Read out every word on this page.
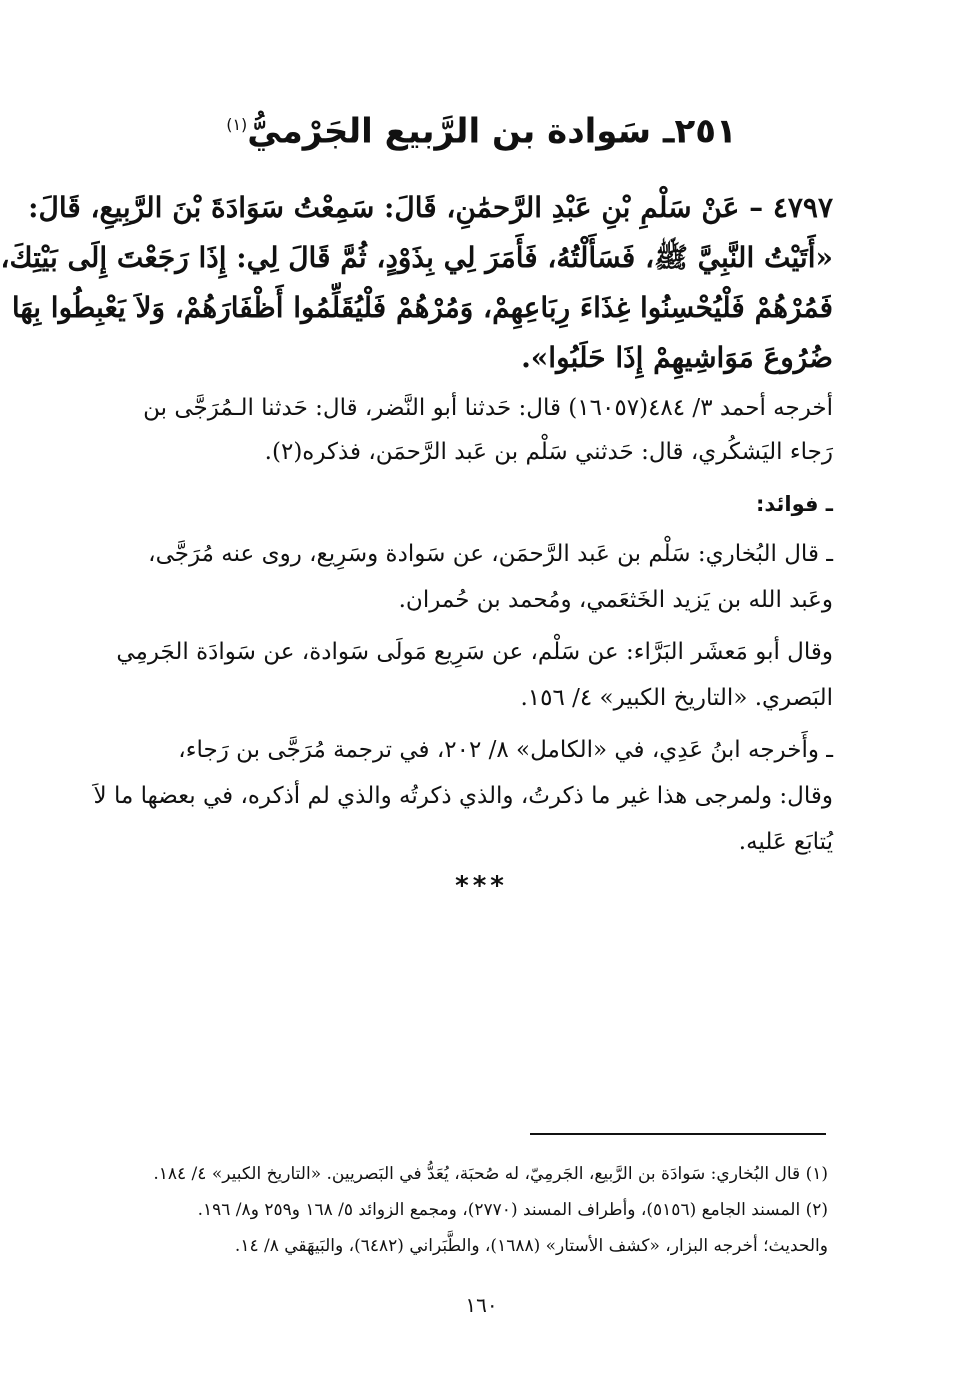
٢٥١ـ سَوادة بن الرَّبيع الجَرْميُّ$^{(١)}$
٤٧٩٧ – عَنْ سَلْمِ بْنِ عَبْدِ الرَّحمَٰنِ، قَالَ: سَمِعْتُ سَوَادَةَ بْنَ الرَّبِيعِ، قَالَ:
«أَتَيْتُ النَّبِيَّ ﷺ، فَسَأَلْتُهُ، فَأَمَرَ لِي بِذَوْدٍ، ثُمَّ قَالَ لِي: إِذَا رَجَعْتَ إِلَى بَيْتِكَ،
فَمُرْهُمْ فَلْيُحْسِنُوا غِذَاءَ رِبَاعِهِمْ، وَمُرْهُمْ فَلْيُقَلِّمُوا أَظْفَارَهُمْ، وَلاَ يَعْبِطُوا بِهَا
ضُرُوعَ مَوَاشِيهِمْ إِذَا حَلَبُوا».
أخرجه أحمد ٣/ ٤٨٤(١٦٠٥٧) قال: حَدثنا أبو النَّضر، قال: حَدثنا الـمُرَجَّى بن
رَجاء اليَشكُري، قال: حَدثني سَلْم بن عَبد الرَّحمَن، فذكره(٢).
ـ فوائد:
ـ قال البُخاري: سَلْم بن عَبد الرَّحمَن، عن سَوادة وسَرِيع، روى عنه مُرَجَّى،
وعَبد الله بن يَزيد الخَثعَمي، ومُحمد بن حُمران.
وقال أبو مَعشَر البَرَّاء: عن سَلْم، عن سَرِيع مَولَى سَوادة، عن سَوادَة الجَرمِي
البَصري. «التاريخ الكبير» ٤/ ١٥٦.
ـ وأَخرجه ابنُ عَدِي، في «الكامل» ٨/ ٢٠٢، في ترجمة مُرَجَّى بن رَجاء،
وقال: ولمرجى هذا غير ما ذكرتُ، والذي ذكرتُه والذي لم أذكره، في بعضها ما لاَ
يُتابَع عَليه.
***
(١) قال البُخاري: سَوادَة بن الرَّبيع، الجَرمِيّ، له صُحبَة، يُعَدُّ في البَصريين. «التاريخ الكبير» ٤/ ١٨٤.
(٢) المسند الجامع (٥١٥٦)، وأطراف المسند (٢٧٧٠)، ومجمع الزوائد ٥/ ١٦٨ و٢٥٩ و٨/ ١٩٦.
والحديث؛ أخرجه البزار، «كشف الأستار» (١٦٨٨)، والطَّبَراني (٦٤٨٢)، والبَيهَقي ٨/ ١٤.
١٦٠
